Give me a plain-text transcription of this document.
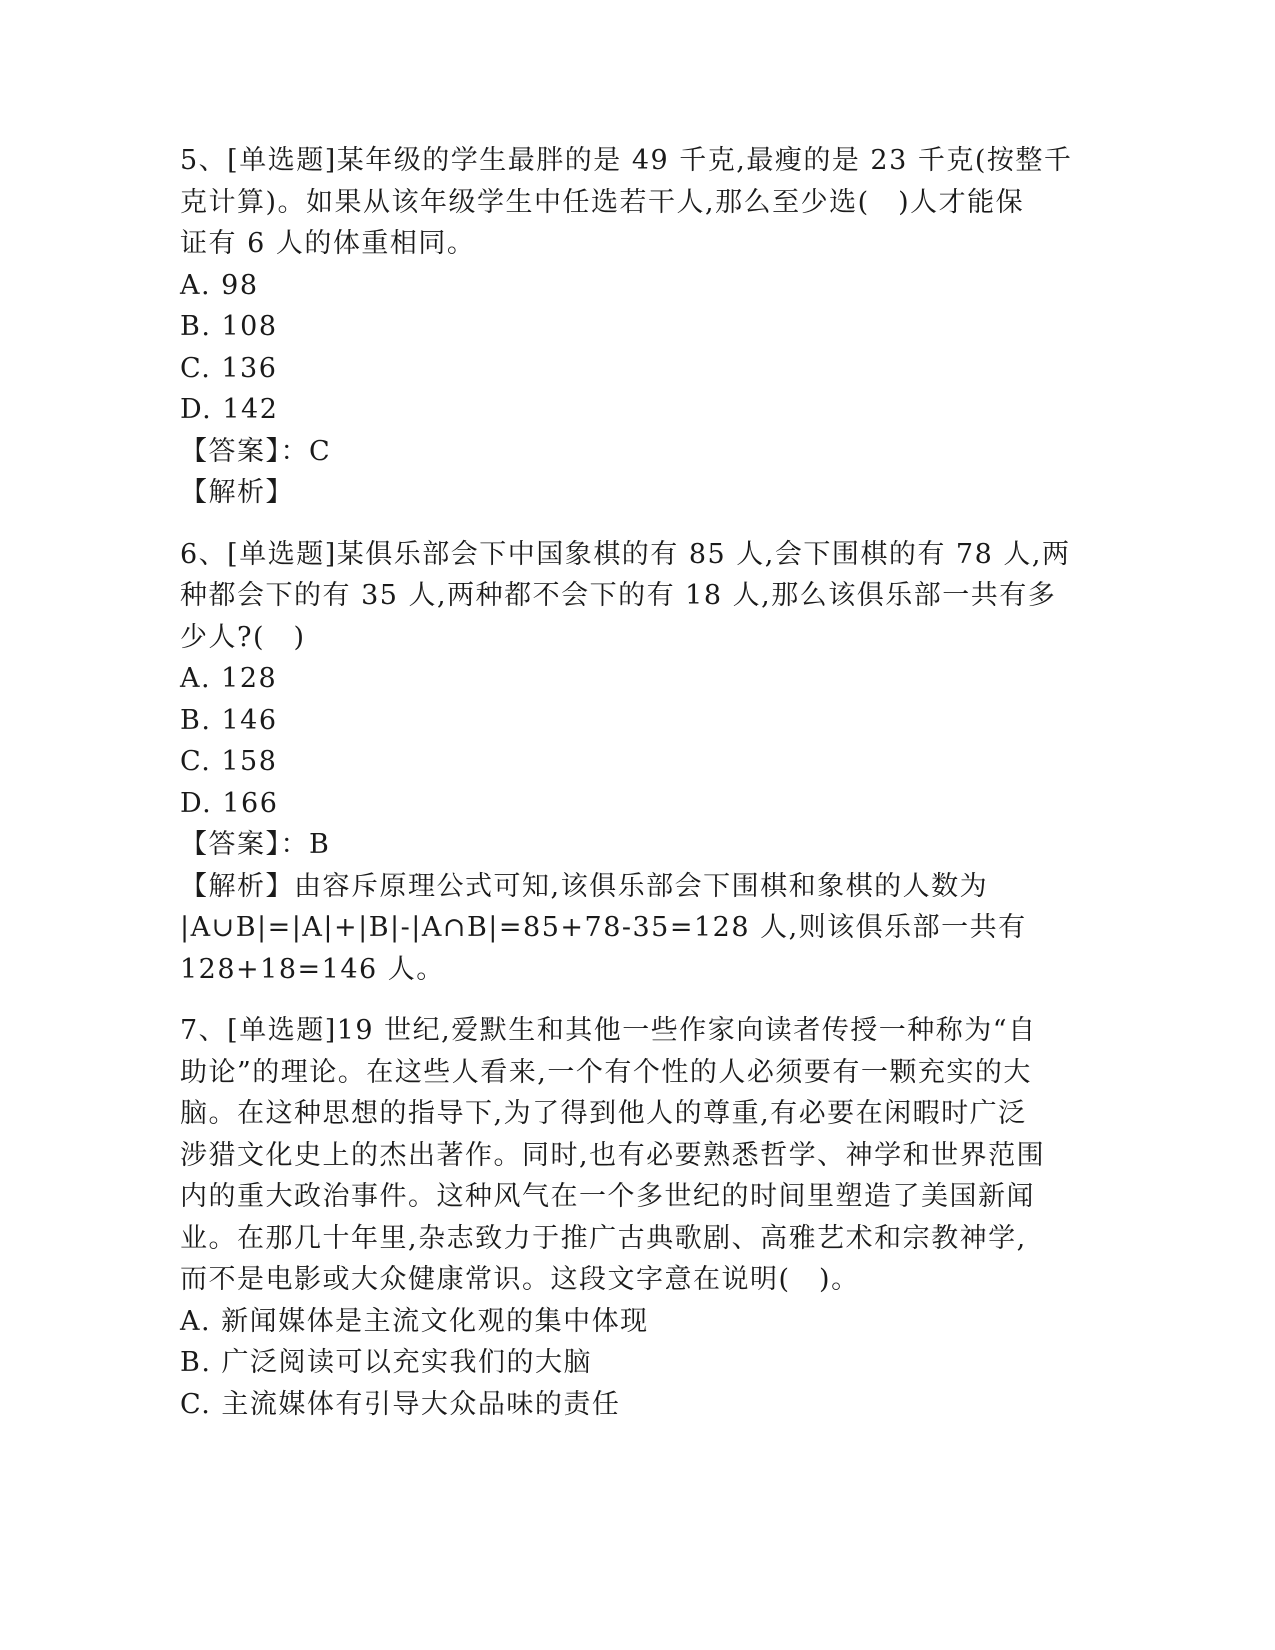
5、[单选题]某年级的学生最胖的是 49 千克,最瘦的是 23 千克(按整千
克计算)。如果从该年级学生中任选若干人,那么至少选(　)人才能保
证有 6 人的体重相同。
A. 98
B. 108
C. 136
D. 142
【答案】：C
【解析】
6、[单选题]某俱乐部会下中国象棋的有 85 人,会下围棋的有 78 人,两
种都会下的有 35 人,两种都不会下的有 18 人,那么该俱乐部一共有多
少人?(　)
A. 128
B. 146
C. 158
D. 166
【答案】：B
【解析】由容斥原理公式可知,该俱乐部会下围棋和象棋的人数为
|A∪B|=|A|+|B|-|A∩B|=85+78-35=128 人,则该俱乐部一共有
128+18=146 人。
7、[单选题]19 世纪,爱默生和其他一些作家向读者传授一种称为“自
助论”的理论。在这些人看来,一个有个性的人必须要有一颗充实的大
脑。在这种思想的指导下,为了得到他人的尊重,有必要在闲暇时广泛
涉猎文化史上的杰出著作。同时,也有必要熟悉哲学、神学和世界范围
内的重大政治事件。这种风气在一个多世纪的时间里塑造了美国新闻
业。在那几十年里,杂志致力于推广古典歌剧、高雅艺术和宗教神学,
而不是电影或大众健康常识。这段文字意在说明(　)。
A. 新闻媒体是主流文化观的集中体现
B. 广泛阅读可以充实我们的大脑
C. 主流媒体有引导大众品味的责任
